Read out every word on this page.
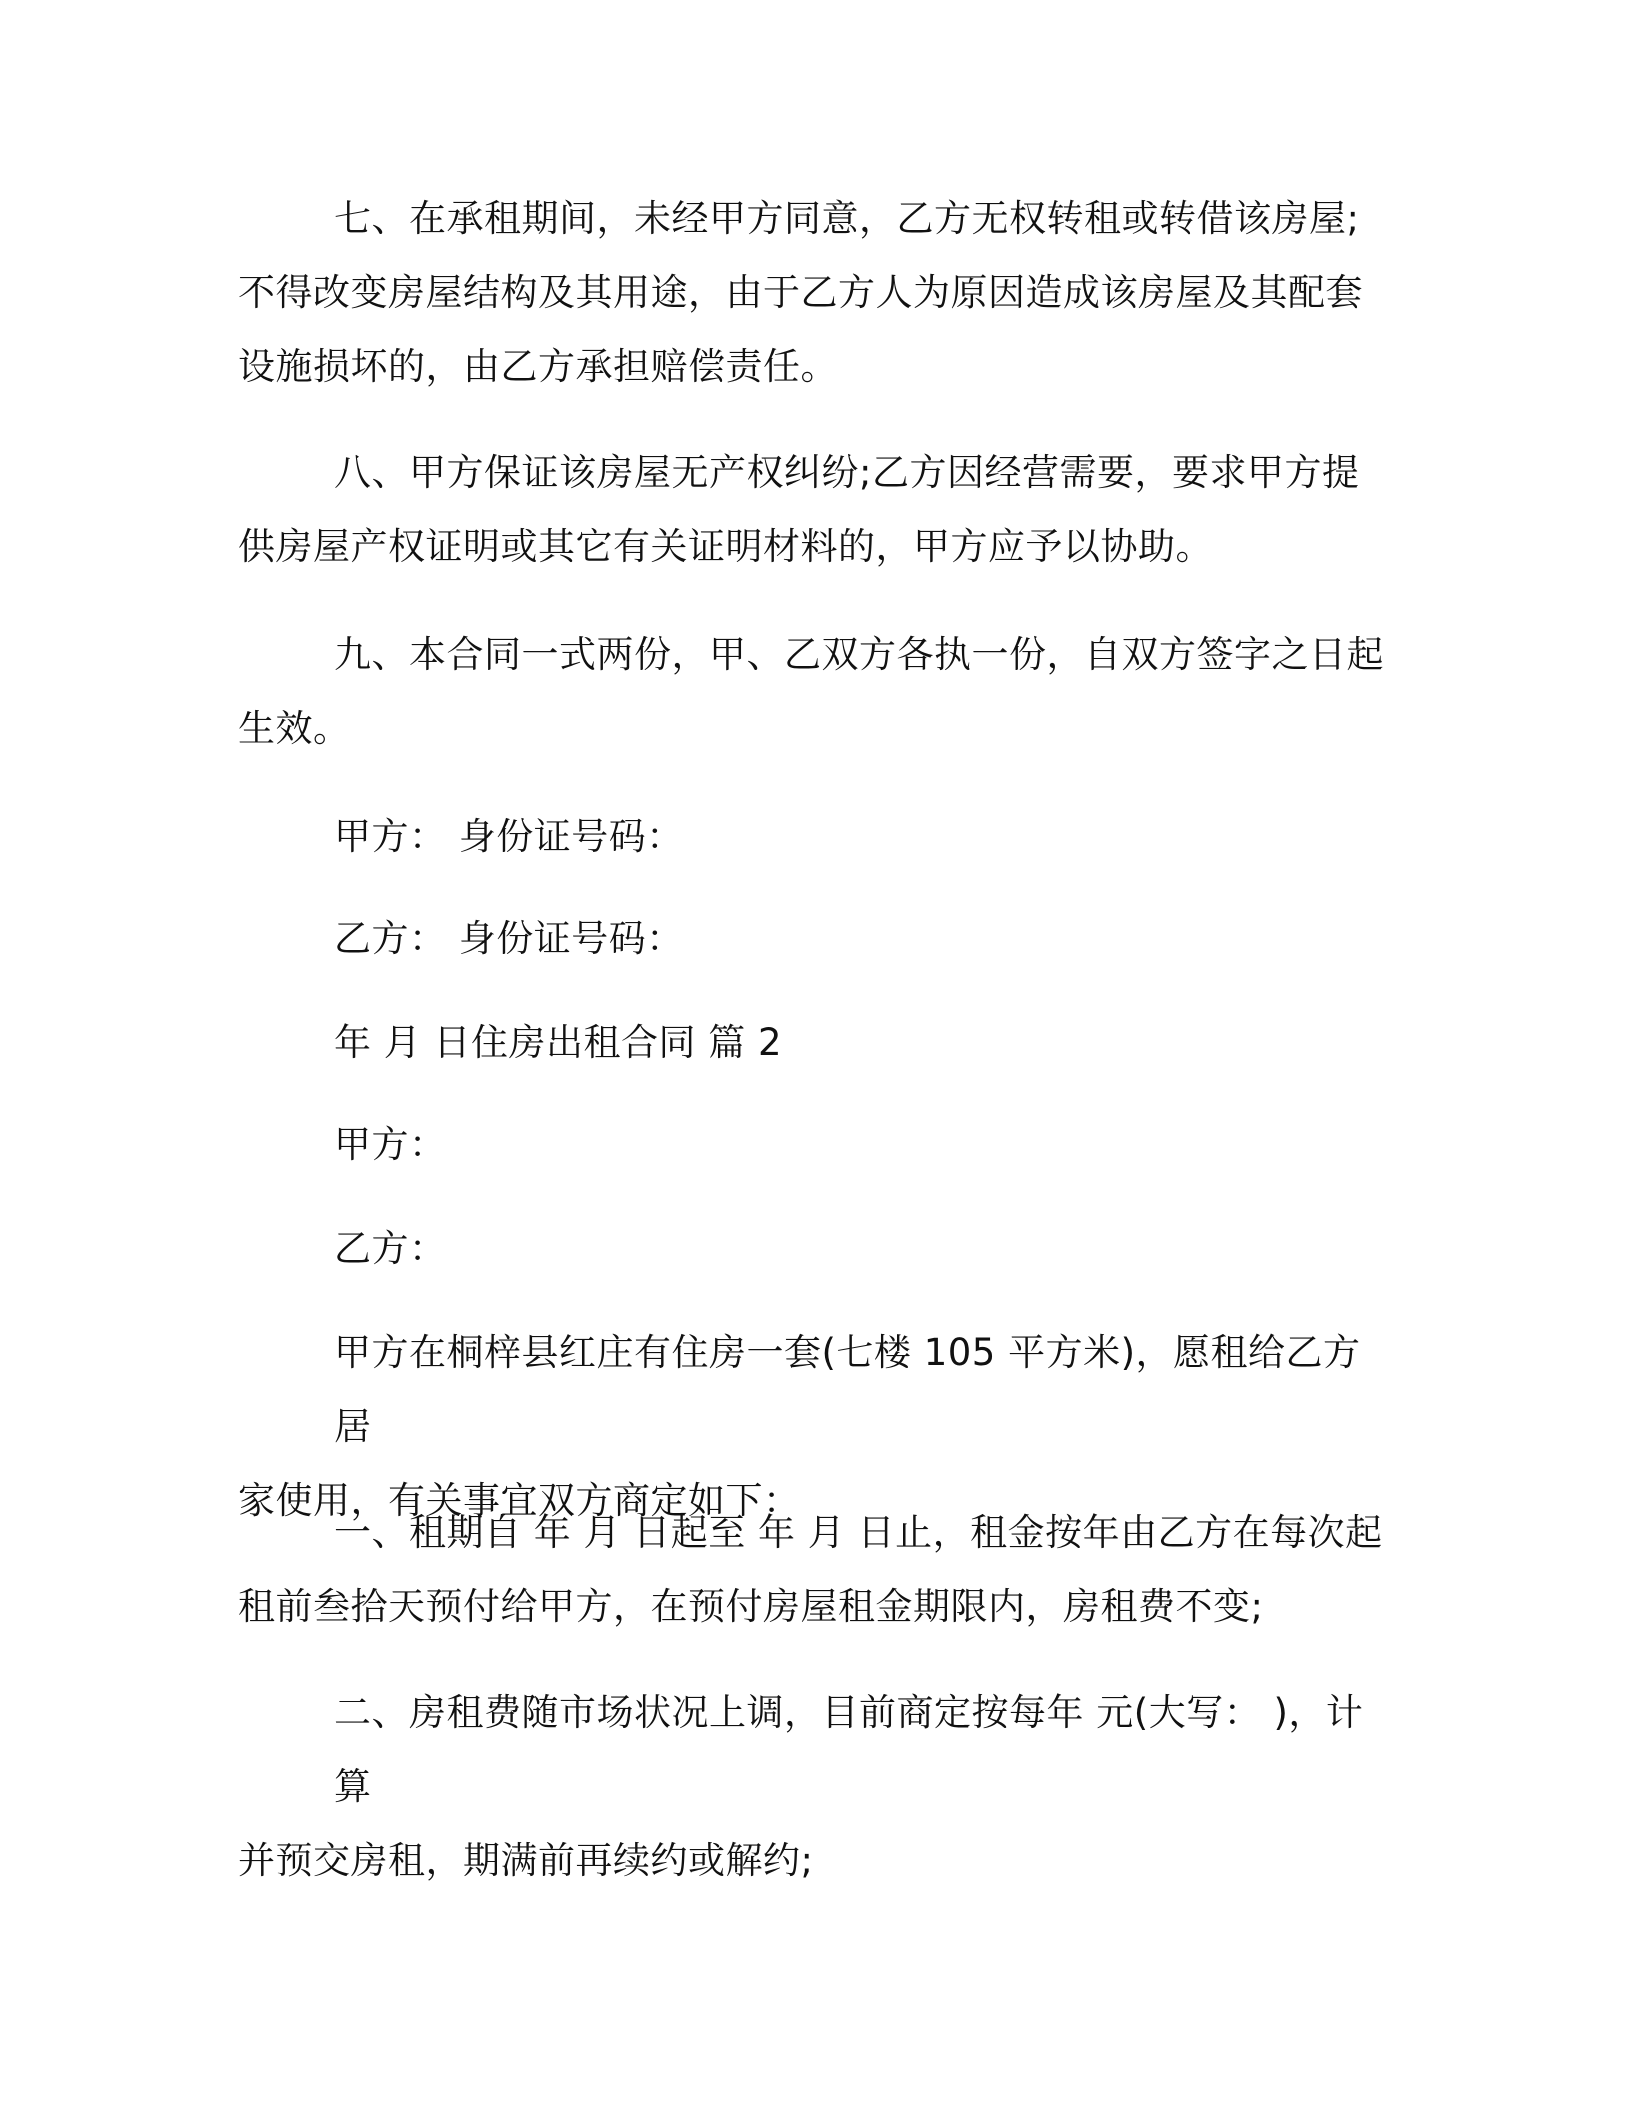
七、在承租期间，未经甲方同意，乙方无权转租或转借该房屋;
不得改变房屋结构及其用途，由于乙方人为原因造成该房屋及其配套
设施损坏的，由乙方承担赔偿责任。
八、甲方保证该房屋无产权纠纷;乙方因经营需要，要求甲方提
供房屋产权证明或其它有关证明材料的，甲方应予以协助。
九、本合同一式两份，甲、乙双方各执一份，自双方签字之日起
生效。
甲方： 身份证号码：
乙方： 身份证号码：
年 月 日住房出租合同 篇 2
甲方：
乙方：
甲方在桐梓县红庄有住房一套(七楼 105 平方米)，愿租给乙方居
家使用，有关事宜双方商定如下：
一、租期自 年 月 日起至 年 月 日止，租金按年由乙方在每次起
租前叁拾天预付给甲方，在预付房屋租金期限内，房租费不变;
二、房租费随市场状况上调，目前商定按每年 元(大写： )，计算
并预交房租，期满前再续约或解约;
